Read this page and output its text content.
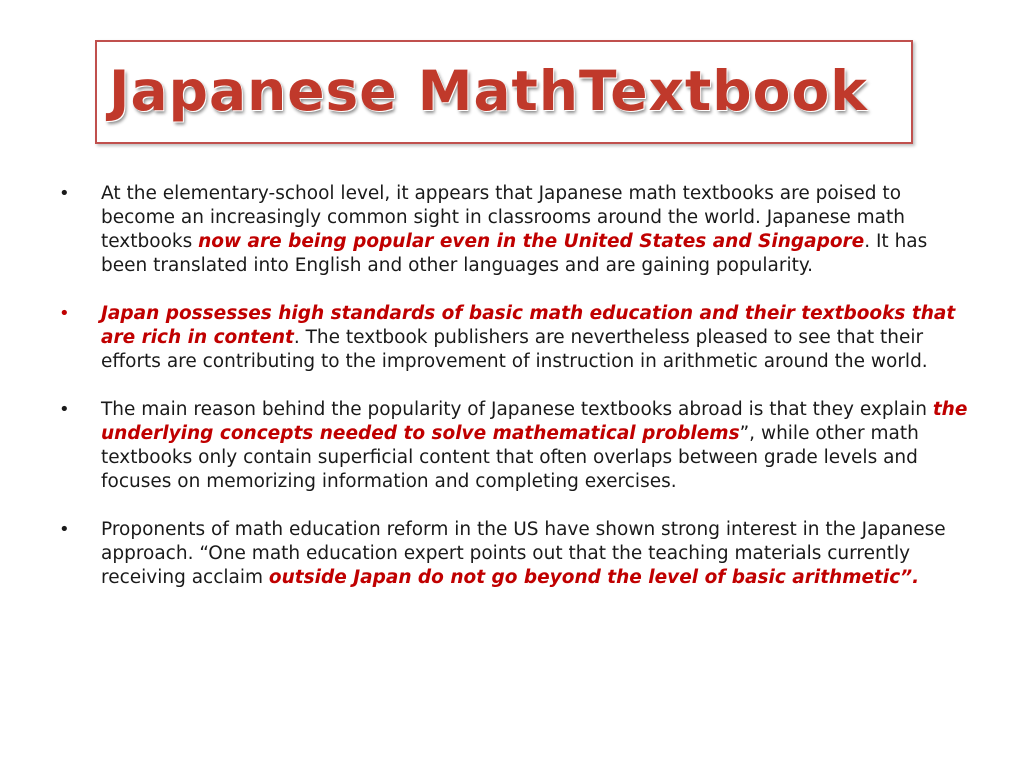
Japanese MathTextbook
• At the elementary-school level, it appears that Japanese math textbooks are poised to become an increasingly common sight in classrooms around the world. Japanese math textbooks now are being popular even in the United States and Singapore. It has been translated into English and other languages and are gaining popularity.
• Japan possesses high standards of basic math education and their textbooks that are rich in content. The textbook publishers are nevertheless pleased to see that their efforts are contributing to the improvement of instruction in arithmetic around the world.
• The main reason behind the popularity of Japanese textbooks abroad is that they explain the underlying concepts needed to solve mathematical problems”, while other math textbooks only contain superficial content that often overlaps between grade levels and focuses on memorizing information and completing exercises.
• Proponents of math education reform in the US have shown strong interest in the Japanese approach. “One math education expert points out that the teaching materials currently receiving acclaim outside Japan do not go beyond the level of basic arithmetic”.
